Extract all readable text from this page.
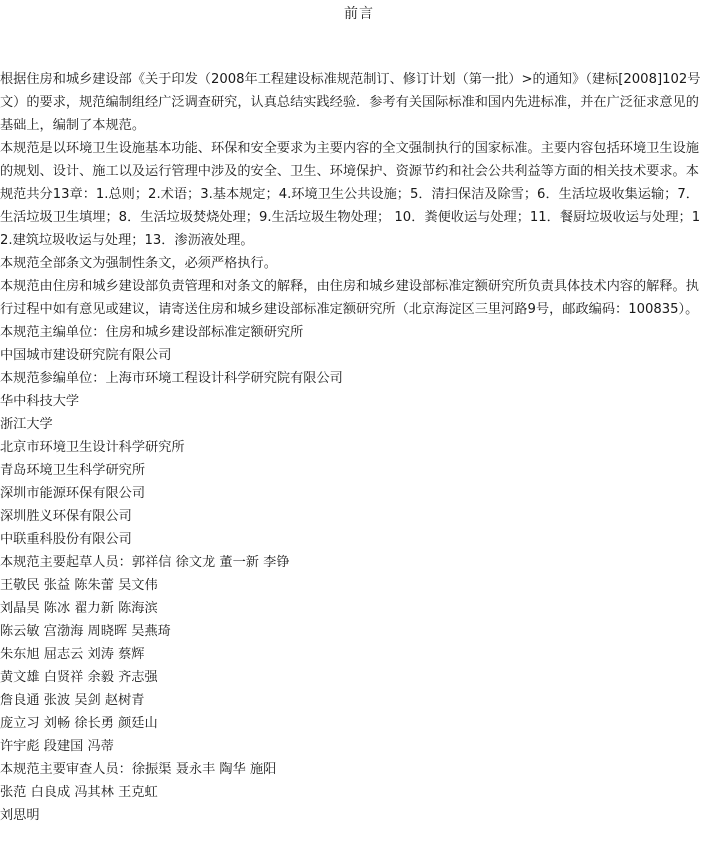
前言

根据住房和城乡建设部《关于印发（2008年工程建设标准规范制订、修订计划（第一批）>的通知》（建标[2008]102号文）的要求，规范编制组经广泛调查研究，认真总结实践经验．参考有关国际标准和国内先进标准，并在广泛征求意见的基础上，编制了本规范。

本规范是以环境卫生设施基本功能、环保和安全要求为主要内容的全文强制执行的国家标准。主要内容包括环境卫生设施的规划、设计、施工以及运行管理中涉及的安全、卫生、环境保护、资源节约和社会公共利益等方面的相关技术要求。本规范共分13章：1.总则；2.术语；3.基本规定；4.环境卫生公共设施；5．清扫保洁及除雪；6．生活垃圾收集运输；7．生活垃圾卫生填埋；8．生活垃圾焚烧处理；9.生活垃圾生物处理； 10．粪便收运与处理；11．餐厨垃圾收运与处理；12.建筑垃圾收运与处理；13．渗沥液处理。

本规范全部条文为强制性条文，必须严格执行。

本规范由住房和城乡建设部负责管理和对条文的解释，由住房和城乡建设部标准定额研究所负责具体技术内容的解释。执行过程中如有意见或建议，请寄送住房和城乡建设部标准定额研究所（北京海淀区三里河路9号，邮政编码：100835）。

本规范主编单位：住房和城乡建设部标准定额研究所

中国城市建设研究院有限公司

本规范参编单位：上海市环境工程设计科学研究院有限公司

华中科技大学

浙江大学

北京市环境卫生设计科学研究所

青岛环境卫生科学研究所

深圳市能源环保有限公司

深圳胜义环保有限公司

中联重科股份有限公司

本规范主要起草人员：郭祥信 徐文龙 董一新 李铮

王敬民 张益 陈朱蕾 吴文伟

刘晶昊 陈冰 翟力新 陈海滨

陈云敏 宫渤海 周晓晖 吴燕琦

朱东旭 屈志云 刘涛 蔡辉

黄文雄 白贤祥 余毅 齐志强

詹良通 张波 吴剑 赵树青

庞立习 刘畅 徐长勇 颜廷山

许宇彪 段建国 冯蒂

本规范主要审查人员：徐振渠 聂永丰 陶华 施阳

张范 白良成 冯其林 王克虹

刘思明
